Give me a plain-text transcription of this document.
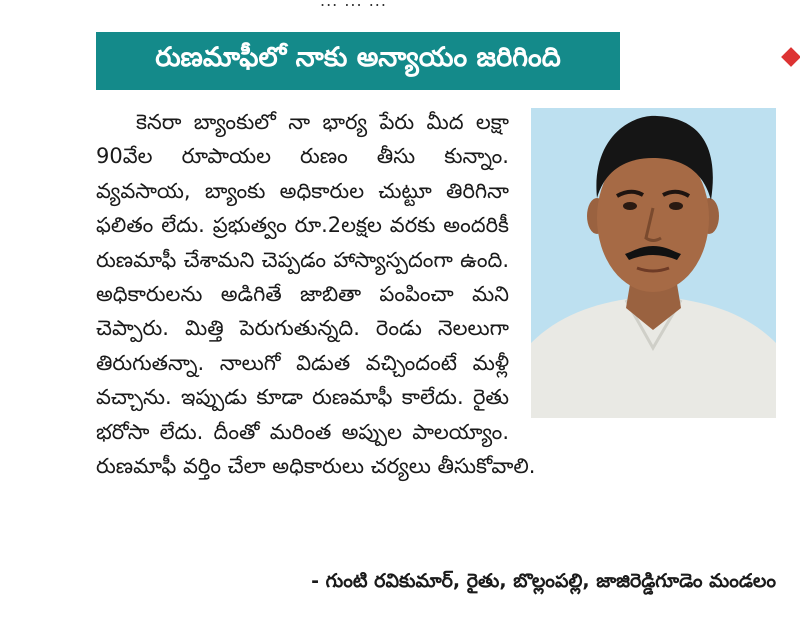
... ... ...
రుణమాఫీలో నాకు అన్యాయం జరిగింది

కెనరా బ్యాంకులో నా భార్య పేరు మీద లక్షా 90వేల రూపాయల రుణం తీసు కున్నాం. వ్యవసాయ, బ్యాంకు అధికారుల చుట్టూ తిరిగినా ఫలితం లేదు. ప్రభుత్వం రూ.2లక్షల వరకు అందరికీ రుణమాఫీ చేశామని చెప్పడం హాస్యాస్పదంగా ఉంది. అధికారులను అడిగితే జాబితా పంపించా మని చెప్పారు. మిత్తి పెరుగుతున్నది. రెండు నెలలుగా తిరుగుతన్నా. నాలుగో విడుత వచ్చిందంటే మళ్లీ వచ్చాను. ఇప్పుడు కూడా రుణమాఫీ కాలేదు. రైతు భరోసా లేదు. దీంతో మరింత అప్పుల పాలయ్యాం. రుణమాఫీ వర్తిం చేలా అధికారులు చర్యలు తీసుకోవాలి.

- గుంటి రవికుమార్, రైతు, బొల్లంపల్లి, జాజిరెడ్డిగూడెం మండలం
